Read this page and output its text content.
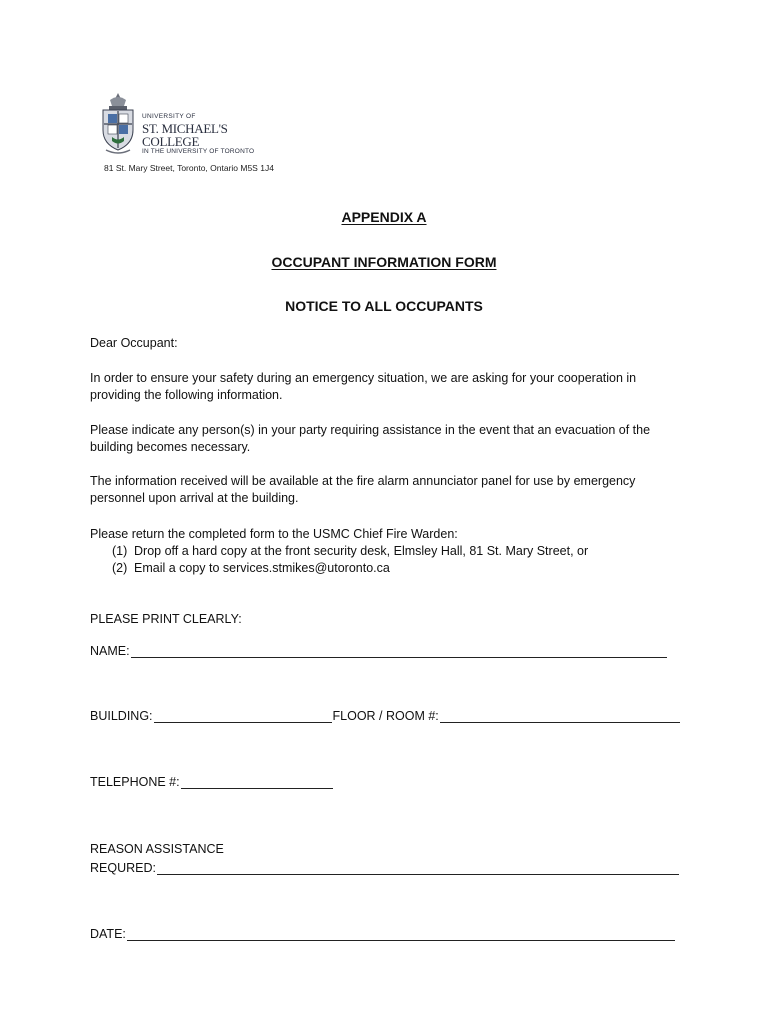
UNIVERSITY OF
ST. MICHAEL'S COLLEGE
IN THE UNIVERSITY OF TORONTO
81 St. Mary Street, Toronto, Ontario M5S 1J4
APPENDIX A
OCCUPANT INFORMATION FORM
NOTICE TO ALL OCCUPANTS
Dear Occupant:
In order to ensure your safety during an emergency situation, we are asking for your cooperation in
providing the following information.
Please indicate any person(s) in your party requiring assistance in the event that an evacuation of the
building becomes necessary.
The information received will be available at the fire alarm annunciator panel for use by emergency
personnel upon arrival at the building.
Please return the completed form to the USMC Chief Fire Warden:
(1) Drop off a hard copy at the front security desk, Elmsley Hall, 81 St. Mary Street, or
(2) Email a copy to services.stmikes@utoronto.ca
PLEASE PRINT CLEARLY:
NAME:
BUILDING:	FLOOR / ROOM #:
TELEPHONE #:
REASON ASSISTANCE
REQURED:
DATE:
